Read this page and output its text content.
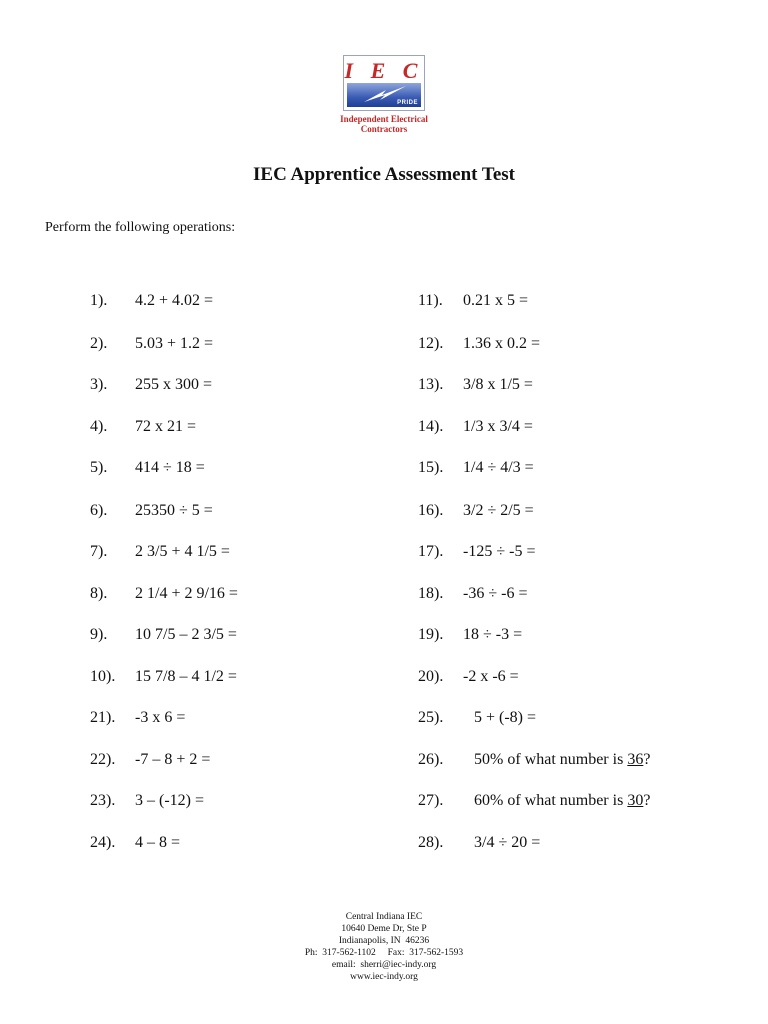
I E C
PRIDE
Independent Electrical
Contractors
IEC Apprentice Assessment Test
Perform the following operations:
1). 4.2 + 4.02 =
2). 5.03 + 1.2 =
3). 255 x 300 =
4). 72 x 21 =
5). 414 ÷ 18 =
6). 25350 ÷ 5 =
7). 2 3/5 + 4 1/5 =
8). 2 1/4 + 2 9/16 =
9). 10 7/5 – 2 3/5 =
10). 15 7/8 – 4 1/2 =
21). -3 x 6 =
22). -7 – 8 + 2 =
23). 3 – (-12) =
24). 4 – 8 =
11). 0.21 x 5 =
12). 1.36 x 0.2 =
13). 3/8 x 1/5 =
14). 1/3 x 3/4 =
15). 1/4 ÷ 4/3 =
16). 3/2 ÷ 2/5 =
17). -125 ÷ -5 =
18). -36 ÷ -6 =
19). 18 ÷ -3 =
20). -2 x -6 =
25). 5 + (-8) =
26). 50% of what number is 36?
27). 60% of what number is 30?
28). 3/4 ÷ 20 =
Central Indiana IEC
10640 Deme Dr, Ste P
Indianapolis, IN  46236
Ph:  317-562-1102     Fax:  317-562-1593
email:  sherri@iec-indy.org
www.iec-indy.org
